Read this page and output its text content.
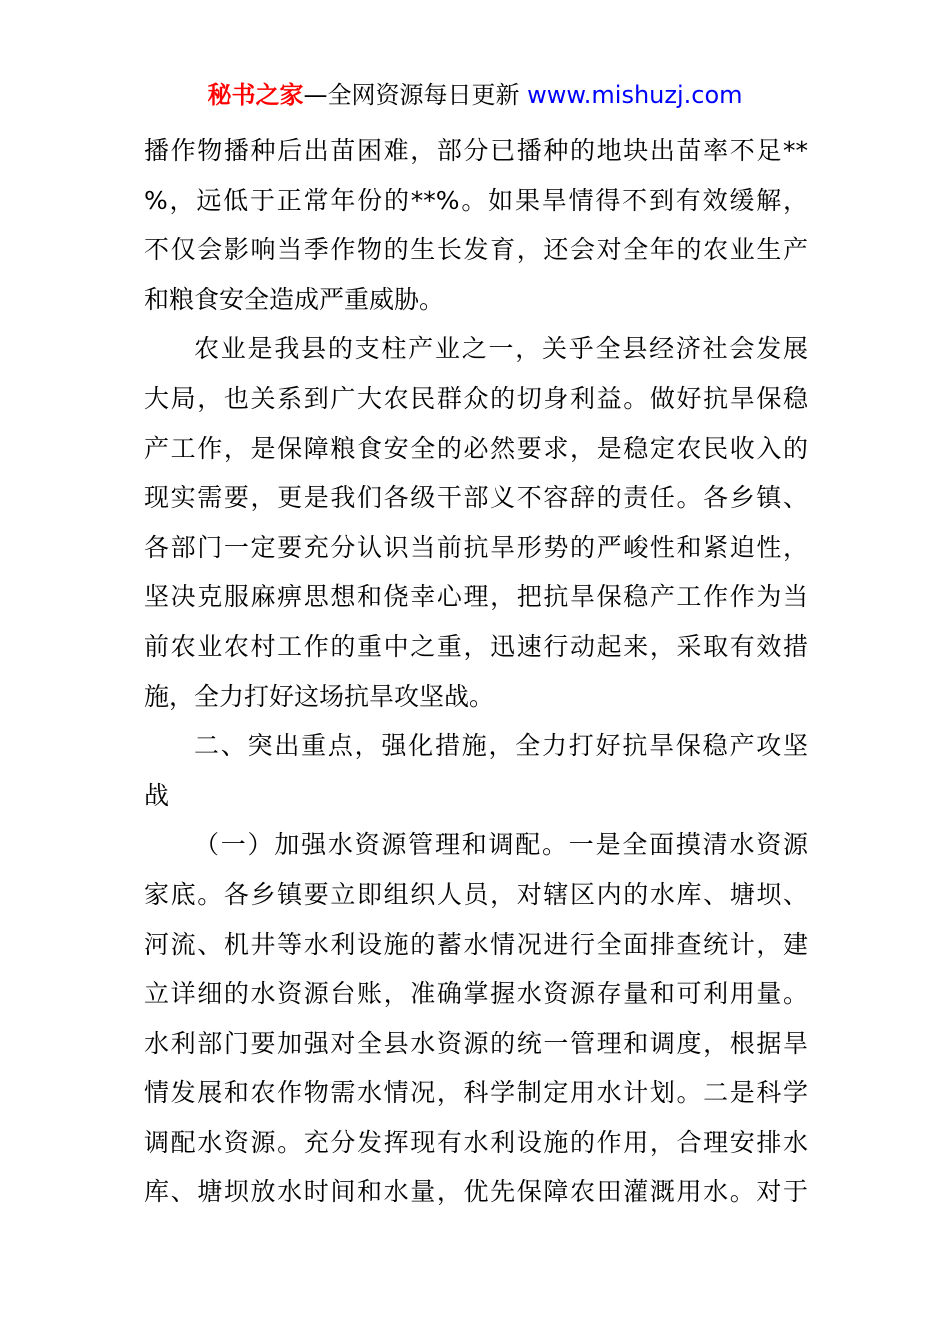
秘书之家—全网资源每日更新 www.mishuzj.com
播作物播种后出苗困难，部分已播种的地块出苗率不足**
%，远低于正常年份的**%。如果旱情得不到有效缓解，
不仅会影响当季作物的生长发育，还会对全年的农业生产
和粮食安全造成严重威胁。
农业是我县的支柱产业之一，关乎全县经济社会发展
大局，也关系到广大农民群众的切身利益。做好抗旱保稳
产工作，是保障粮食安全的必然要求，是稳定农民收入的
现实需要，更是我们各级干部义不容辞的责任。各乡镇、
各部门一定要充分认识当前抗旱形势的严峻性和紧迫性，
坚决克服麻痹思想和侥幸心理，把抗旱保稳产工作作为当
前农业农村工作的重中之重，迅速行动起来，采取有效措
施，全力打好这场抗旱攻坚战。
二、突出重点，强化措施，全力打好抗旱保稳产攻坚
战
（一）加强水资源管理和调配。一是全面摸清水资源
家底。各乡镇要立即组织人员，对辖区内的水库、塘坝、
河流、机井等水利设施的蓄水情况进行全面排查统计，建
立详细的水资源台账，准确掌握水资源存量和可利用量。
水利部门要加强对全县水资源的统一管理和调度，根据旱
情发展和农作物需水情况，科学制定用水计划。二是科学
调配水资源。充分发挥现有水利设施的作用，合理安排水
库、塘坝放水时间和水量，优先保障农田灌溉用水。对于
